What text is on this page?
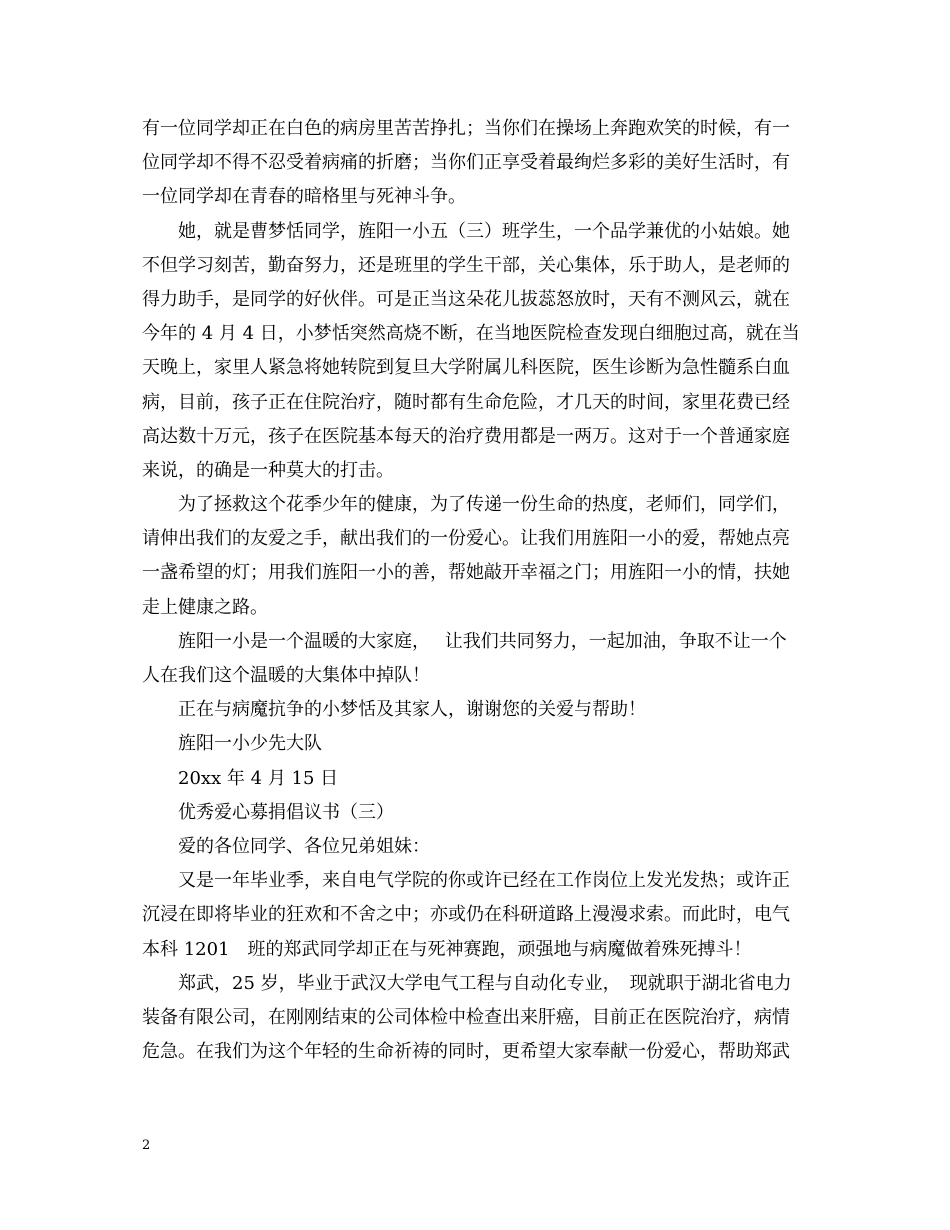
有一位同学却正在白色的病房里苦苦挣扎；当你们在操场上奔跑欢笑的时候，有一
位同学却不得不忍受着病痛的折磨；当你们正享受着最绚烂多彩的美好生活时，有
一位同学却在青春的暗格里与死神斗争。
她，就是曹梦恬同学，旌阳一小五（三）班学生，一个品学兼优的小姑娘。她
不但学习刻苦，勤奋努力，还是班里的学生干部，关心集体，乐于助人，是老师的
得力助手，是同学的好伙伴。可是正当这朵花儿拔蕊怒放时，天有不测风云，就在
今年的 4 月 4 日，小梦恬突然高烧不断，在当地医院检查发现白细胞过高，就在当
天晚上，家里人紧急将她转院到复旦大学附属儿科医院，医生诊断为急性髓系白血
病，目前，孩子正在住院治疗，随时都有生命危险，才几天的时间，家里花费已经
高达数十万元，孩子在医院基本每天的治疗费用都是一两万。这对于一个普通家庭
来说，的确是一种莫大的打击。
为了拯救这个花季少年的健康，为了传递一份生命的热度，老师们，同学们，
请伸出我们的友爱之手，献出我们的一份爱心。让我们用旌阳一小的爱，帮她点亮
一盏希望的灯；用我们旌阳一小的善，帮她敲开幸福之门；用旌阳一小的情，扶她
走上健康之路。
旌阳一小是一个温暖的大家庭，　 让我们共同努力，一起加油，争取不让一个
人在我们这个温暖的大集体中掉队！
正在与病魔抗争的小梦恬及其家人，谢谢您的关爱与帮助！
旌阳一小少先大队
20xx 年 4 月 15 日
优秀爱心募捐倡议书（三）
爱的各位同学、各位兄弟姐妹：
又是一年毕业季，来自电气学院的你或许已经在工作岗位上发光发热；或许正
沉浸在即将毕业的狂欢和不舍之中；亦或仍在科研道路上漫漫求索。而此时，电气
本科 1201　班的郑武同学却正在与死神赛跑，顽强地与病魔做着殊死搏斗！
郑武，25 岁，毕业于武汉大学电气工程与自动化专业，　现就职于湖北省电力
装备有限公司，在刚刚结束的公司体检中检查出来肝癌，目前正在医院治疗，病情
危急。在我们为这个年轻的生命祈祷的同时，更希望大家奉献一份爱心，帮助郑武
2
